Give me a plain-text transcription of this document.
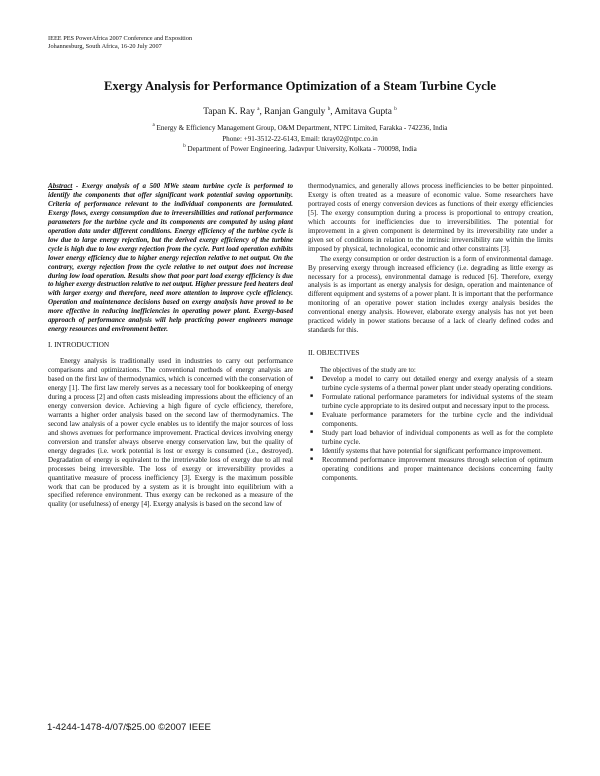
IEEE PES PowerAfrica 2007 Conference and Exposition
Johannesburg, South Africa, 16-20 July 2007
Exergy Analysis for Performance Optimization of a Steam Turbine Cycle
Tapan K. Ray $^a$, Ranjan Ganguly $^b$, Amitava Gupta $^b$
$^a$ Energy & Efficiency Management Group, O&M Department, NTPC Limited, Farakka - 742236, India
Phone: +91-3512-22-6143, Email: tkray02@ntpc.co.in
$^b$ Department of Power Engineering, Jadavpur University, Kolkata - 700098, India

Abstract - Exergy analysis of a 500 MWe steam turbine cycle is performed to identify the components that offer significant work potential saving opportunity. Criteria of performance relevant to the individual components are formulated. Exergy flows, exergy consumption due to irreversibilities and rational performance parameters for the turbine cycle and its components are computed by using plant operation data under different conditions. Energy efficiency of the turbine cycle is low due to large energy rejection, but the derived exergy efficiency of the turbine cycle is high due to low exergy rejection from the cycle. Part load operation exhibits lower energy efficiency due to higher energy rejection relative to net output. On the contrary, exergy rejection from the cycle relative to net output does not increase during low load operation. Results show that poor part load exergy efficiency is due to higher exergy destruction relative to net output. Higher pressure feed heaters deal with larger exergy and therefore, need more attention to improve cycle efficiency. Operation and maintenance decisions based on exergy analysis have proved to be more effective in reducing inefficiencies in operating power plant. Exergy-based approach of performance analysis will help practicing power engineers manage energy resources and environment better.

I. INTRODUCTION

Energy analysis is traditionally used in industries to carry out performance comparisons and optimizations. The conventional methods of energy analysis are based on the first law of thermodynamics, which is concerned with the conservation of energy [1]. The first law merely serves as a necessary tool for bookkeeping of energy during a process [2] and often casts misleading impressions about the efficiency of an energy conversion device. Achieving a high figure of cycle efficiency, therefore, warrants a higher order analysis based on the second law of thermodynamics. The second law analysis of a power cycle enables us to identify the major sources of loss and shows avenues for performance improvement. Practical devices involving energy conversion and transfer always observe energy conservation law, but the quality of energy degrades (i.e. work potential is lost or exergy is consumed (i.e., destroyed). Degradation of energy is equivalent to the irretrievable loss of exergy due to all real processes being irreversible. The loss of exergy or irreversibility provides a quantitative measure of process inefficiency [3]. Exergy is the maximum possible work that can be produced by a system as it is brought into equilibrium with a specified reference environment. Thus exergy can be reckoned as a measure of the quality (or usefulness) of energy [4]. Exergy analysis is based on the second law of

thermodynamics, and generally allows process inefficiencies to be better pinpointed. Exergy is often treated as a measure of economic value. Some researchers have portrayed costs of energy conversion devices as functions of their exergy efficiencies [5]. The exergy consumption during a process is proportional to entropy creation, which accounts for inefficiencies due to irreversibilities. The potential for improvement in a given component is determined by its irreversibility rate under a given set of conditions in relation to the intrinsic irreversibility rate within the limits imposed by physical, technological, economic and other constraints [3].

The exergy consumption or order destruction is a form of environmental damage. By preserving exergy through increased efficiency (i.e. degrading as little exergy as necessary for a process), environmental damage is reduced [6]. Therefore, exergy analysis is as important as energy analysis for design, operation and maintenance of different equipment and systems of a power plant. It is important that the performance monitoring of an operative power station includes exergy analysis besides the conventional energy analysis. However, elaborate exergy analysis has not yet been practiced widely in power stations because of a lack of clearly defined codes and standards for this.

II. OBJECTIVES

The objectives of the study are to:

■ Develop a model to carry out detailed energy and exergy analysis of a steam turbine cycle systems of a thermal power plant under steady operating conditions.
■ Formulate rational performance parameters for individual systems of the steam turbine cycle appropriate to its desired output and necessary input to the process.
■ Evaluate performance parameters for the turbine cycle and the individual components.
■ Study part load behavior of individual components as well as for the complete turbine cycle.
■ Identify systems that have potential for significant performance improvement.
■ Recommend performance improvement measures through selection of optimum operating conditions and proper maintenance decisions concerning faulty components.
1-4244-1478-4/07/$25.00 ©2007 IEEE
